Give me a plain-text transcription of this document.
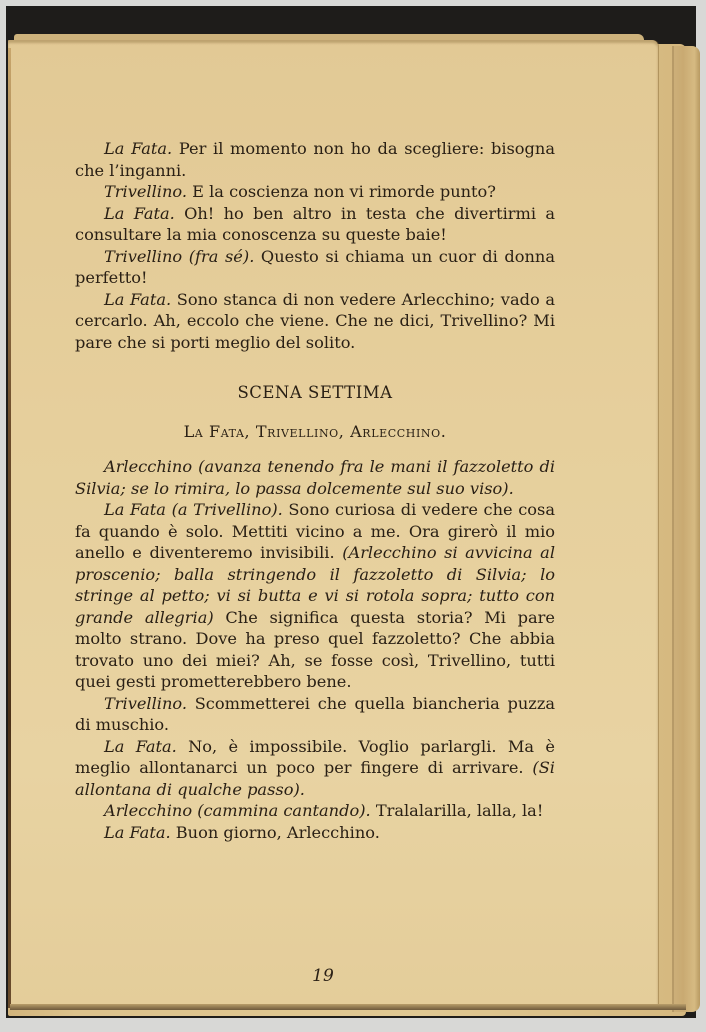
La Fata. Per il momento non ho da scegliere: bisogna che l’inganni.

Trivellino. E la coscienza non vi rimorde punto?

La Fata. Oh! ho ben altro in testa che divertirmi a consultare la mia conoscenza su queste baie!

Trivellino (fra sé). Questo si chiama un cuor di donna perfetto!

La Fata. Sono stanca di non vedere Arlecchino; vado a cercarlo. Ah, eccolo che viene. Che ne dici, Trivellino? Mi pare che si porti meglio del solito.

SCENA SETTIMA

La Fata, Trivellino, Arlecchino.

Arlecchino (avanza tenendo fra le mani il fazzoletto di Silvia; se lo rimira, lo passa dolcemente sul suo viso).

La Fata (a Trivellino). Sono curiosa di vedere che cosa fa quando è solo. Mettiti vicino a me. Ora girerò il mio anello e diventeremo invisibili. (Arlecchino si avvicina al proscenio; balla stringendo il fazzoletto di Silvia; lo stringe al petto; vi si butta e vi si rotola sopra; tutto con grande allegria) Che significa questa storia? Mi pare molto strano. Dove ha preso quel fazzoletto? Che abbia trovato uno dei miei? Ah, se fosse così, Trivellino, tutti quei gesti prometterebbero bene.

Trivellino. Scommetterei che quella biancheria puzza di muschio.

La Fata. No, è impossibile. Voglio parlargli. Ma è meglio allontanarci un poco per fingere di arrivare. (Si allontana di qualche passo).

Arlecchino (cammina cantando). Tralalarilla, lalla, la!

La Fata. Buon giorno, Arlecchino.

19
